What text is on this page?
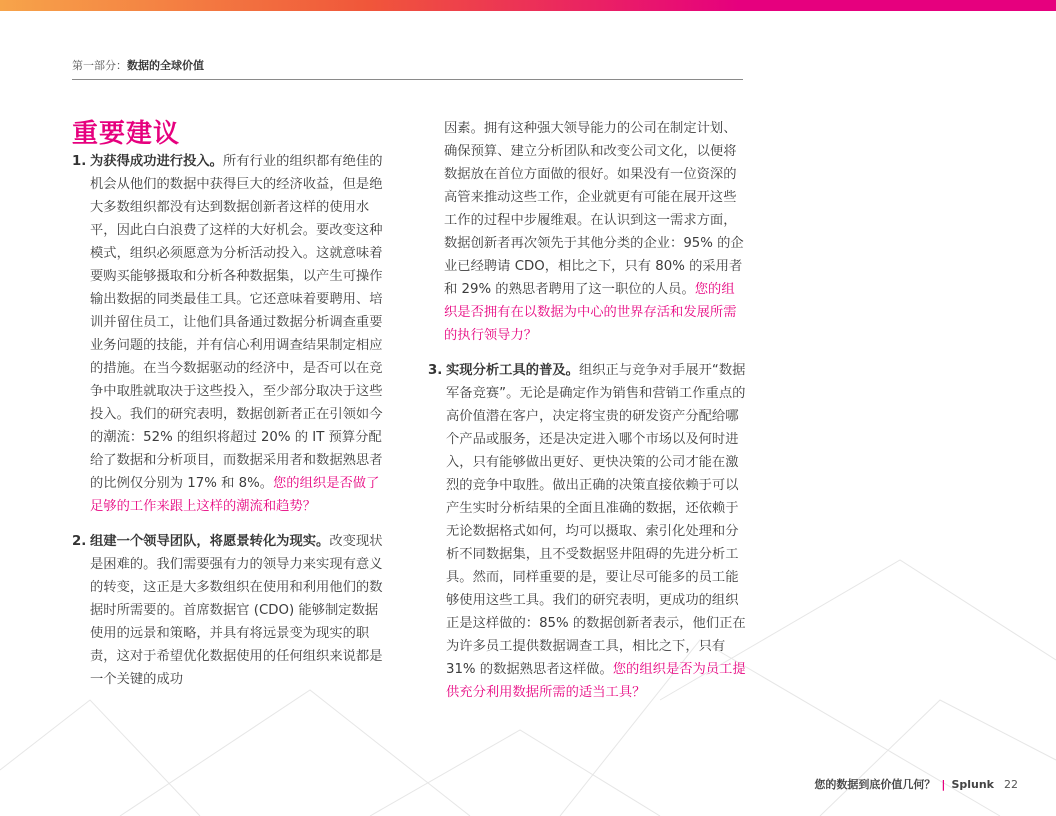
第一部分：数据的全球价值
重要建议
1. 为获得成功进行投入。所有行业的组织都有绝佳的机会从他们的数据中获得巨大的经济收益，但是绝大多数组织都没有达到数据创新者这样的使用水平，因此白白浪费了这样的大好机会。要改变这种模式，组织必须愿意为分析活动投入。这就意味着要购买能够摄取和分析各种数据集，以产生可操作输出数据的同类最佳工具。它还意味着要聘用、培训并留住员工，让他们具备通过数据分析调查重要业务问题的技能，并有信心利用调查结果制定相应的措施。在当今数据驱动的经济中，是否可以在竞争中取胜就取决于这些投入，至少部分取决于这些投入。我们的研究表明，数据创新者正在引领如今的潮流：52% 的组织将超过 20% 的 IT 预算分配给了数据和分析项目，而数据采用者和数据熟思者的比例仅分别为 17% 和 8%。您的组织是否做了足够的工作来跟上这样的潮流和趋势？
2. 组建一个领导团队，将愿景转化为现实。改变现状是困难的。我们需要强有力的领导力来实现有意义的转变，这正是大多数组织在使用和利用他们的数据时所需要的。首席数据官 (CDO) 能够制定数据使用的远景和策略，并具有将远景变为现实的职责，这对于希望优化数据使用的任何组织来说都是一个关键的成功
因素。拥有这种强大领导能力的公司在制定计划、确保预算、建立分析团队和改变公司文化，以便将数据放在首位方面做的很好。如果没有一位资深的高管来推动这些工作，企业就更有可能在展开这些工作的过程中步履维艰。在认识到这一需求方面，数据创新者再次领先于其他分类的企业：95% 的企业已经聘请 CDO，相比之下，只有 80% 的采用者和 29% 的熟思者聘用了这一职位的人员。您的组织是否拥有在以数据为中心的世界存活和发展所需的执行领导力？
3. 实现分析工具的普及。组织正与竞争对手展开“数据军备竞赛”。无论是确定作为销售和营销工作重点的高价值潜在客户，决定将宝贵的研发资产分配给哪个产品或服务，还是决定进入哪个市场以及何时进入，只有能够做出更好、更快决策的公司才能在激烈的竞争中取胜。做出正确的决策直接依赖于可以产生实时分析结果的全面且准确的数据，还依赖于无论数据格式如何，均可以摄取、索引化处理和分析不同数据集，且不受数据竖井阻碍的先进分析工具。然而，同样重要的是，要让尽可能多的员工能够使用这些工具。我们的研究表明，更成功的组织正是这样做的：85% 的数据创新者表示，他们正在为许多员工提供数据调查工具，相比之下，只有 31% 的数据熟思者这样做。您的组织是否为员工提供充分利用数据所需的适当工具？
您的数据到底价值几何？ | Splunk 22
